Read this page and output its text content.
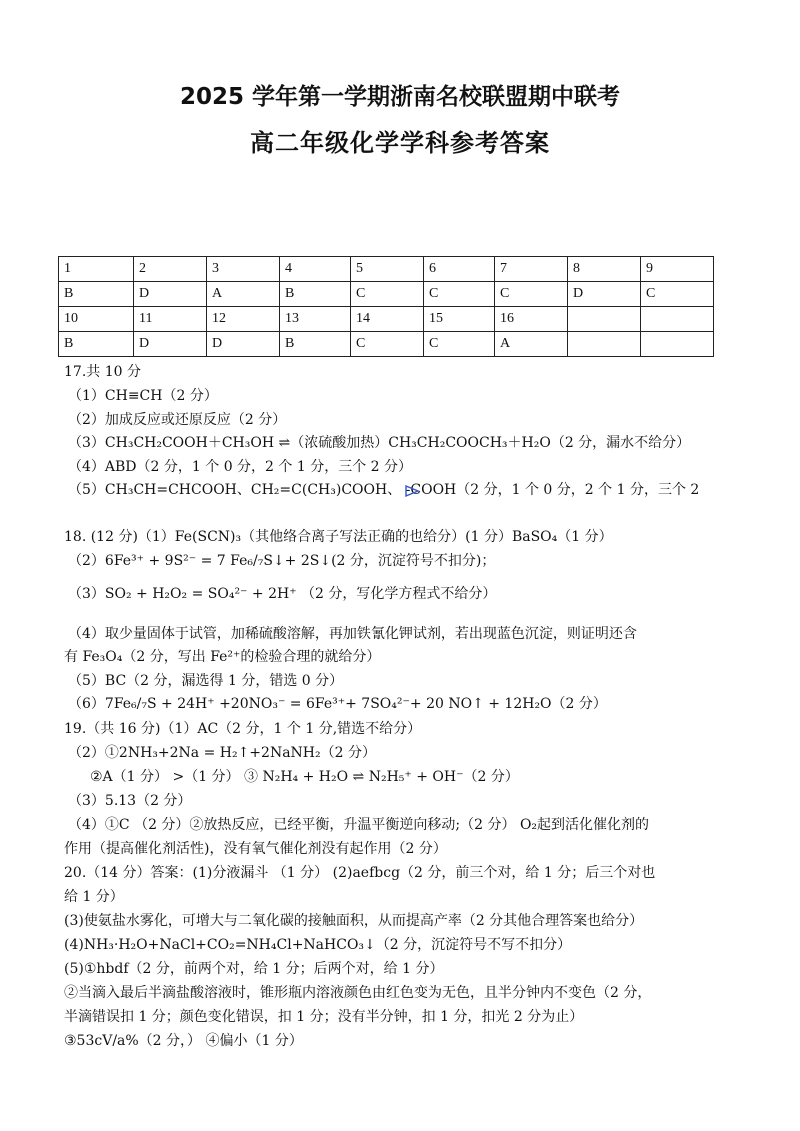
2025 学年第一学期浙南名校联盟期中联考
高二年级化学学科参考答案
1	2	3	4	5	6	7	8	9
B	D	A	B	C	C	C	D	C
10	11	12	13	14	15	16		
B	D	D	B	C	C	A		
17.共 10 分
（1）CH≡CH（2 分）
（2）加成反应或还原反应（2 分）
（3）CH₃CH₂COOH＋CH₃OH ⇌（浓硫酸加热）CH₃CH₂COOCH₃＋H₂O（2 分，漏水不给分）
（4）ABD（2 分，1 个 0 分，2 个 1 分，三个 2 分）
（5）CH₃CH=CHCOOH、CH₂=C(CH₃)COOH、 -COOH（2 分，1 个 0 分，2 个 1 分，三个 2
18. (12 分)（1）Fe(SCN)₃（其他络合离子写法正确的也给分）(1 分）BaSO₄（1 分）
（2）6Fe³⁺ + 9S²⁻ = 7 Fe₆/₇S↓+ 2S↓(2 分，沉淀符号不扣分)；
（3）SO₂ + H₂O₂ = SO₄²⁻ + 2H⁺ （2 分，写化学方程式不给分）
（4）取少量固体于试管，加稀硫酸溶解，再加铁氰化钾试剂，若出现蓝色沉淀，则证明还含
有 Fe₃O₄（2 分，写出 Fe²⁺的检验合理的就给分）
（5）BC（2 分，漏选得 1 分，错选 0 分）
（6）7Fe₆/₇S + 24H⁺ +20NO₃⁻ = 6Fe³⁺+ 7SO₄²⁻+ 20 NO↑ + 12H₂O（2 分）
19.（共 16 分)（1）AC（2 分，1 个 1 分,错选不给分）
（2）①2NH₃+2Na = H₂↑+2NaNH₂（2 分）
②A（1 分） >（1 分） ③ N₂H₄ + H₂O ⇌ N₂H₅⁺ + OH⁻（2 分）
（3）5.13（2 分）
（4）①C （2 分）②放热反应，已经平衡，升温平衡逆向移动;（2 分） O₂起到活化催化剂的
作用（提高催化剂活性)，没有氧气催化剂没有起作用（2 分）
20.（14 分）答案：(1)分液漏斗 （1 分） (2)aefbcg（2 分，前三个对，给 1 分；后三个对也
给 1 分）
(3)使氨盐水雾化，可增大与二氧化碳的接触面积，从而提高产率（2 分其他合理答案也给分）
(4)NH₃·H₂O+NaCl+CO₂=NH₄Cl+NaHCO₃↓（2 分，沉淀符号不写不扣分）
(5)①hbdf（2 分，前两个对，给 1 分；后两个对，给 1 分）
②当滴入最后半滴盐酸溶液时，锥形瓶内溶液颜色由红色变为无色，且半分钟内不变色（2 分，
半滴错误扣 1 分；颜色变化错误，扣 1 分；没有半分钟，扣 1 分，扣光 2 分为止）
③53cV/a%（2 分，） ④偏小（1 分）
